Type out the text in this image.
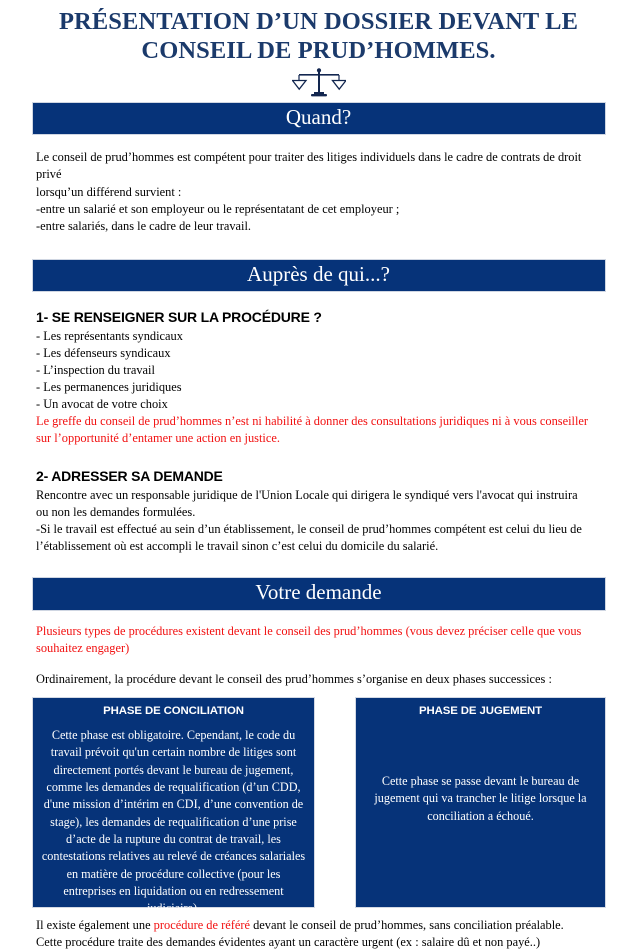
PRÉSENTATION D’UN DOSSIER DEVANT LE
CONSEIL DE PRUD’HOMMES.
Quand?

Le conseil de prud’hommes est compétent pour traiter des litiges individuels dans le cadre de contrats de droit privé

lorsqu’un différend survient :

-entre un salarié et son employeur ou le représentatant de cet employeur ;

-entre salariés, dans le cadre de leur travail.

Auprès de qui...?

1- SE RENSEIGNER SUR LA PROCÉDURE ?

- Les représentants syndicaux

- Les défenseurs syndicaux

- L’inspection du travail

- Les permanences juridiques

- Un avocat de votre choix

Le greffe du conseil de prud’hommes n’est ni habilité à donner des consultations juridiques ni à vous conseiller

sur l’opportunité d’entamer une action en justice.

2- ADRESSER SA DEMANDE

Rencontre avec un responsable juridique de l'Union Locale qui dirigera le syndiqué vers l'avocat qui instruira

ou non les demandes formulées.

-Si le travail est effectué au sein d’un établissement, le conseil de prud’hommes compétent est celui du lieu de

l’établissement où est accompli le travail sinon c’est celui du domicile du salarié.

Votre demande

Plusieurs types de procédures existent devant le conseil des prud’hommes (vous devez préciser celle que vous

souhaitez engager)

Ordinairement, la procédure devant le conseil des prud’hommes s’organise en deux phases successices :

PHASE DE CONCILIATION

Cette phase est obligatoire. Cependant, le code du travail prévoit qu'un certain nombre de litiges sont directement portés devant le bureau de jugement, comme les demandes de requalification (d’un CDD, d'une mission d’intérim en CDI, d’une convention de stage), les demandes de requalification d’une prise d’acte de la rupture du contrat de travail, les contestations relatives au relevé de créances salariales en matière de procédure collective (pour les entreprises en liquidation ou en redressement judiciaire).

PHASE DE JUGEMENT

Cette phase se passe devant le bureau de jugement qui va trancher le litige lorsque la conciliation a échoué.

Il existe également une procédure de référé devant le conseil de prud’hommes, sans conciliation préalable.

Cette procédure traite des demandes évidentes ayant un caractère urgent (ex : salaire dû et non payé..)
